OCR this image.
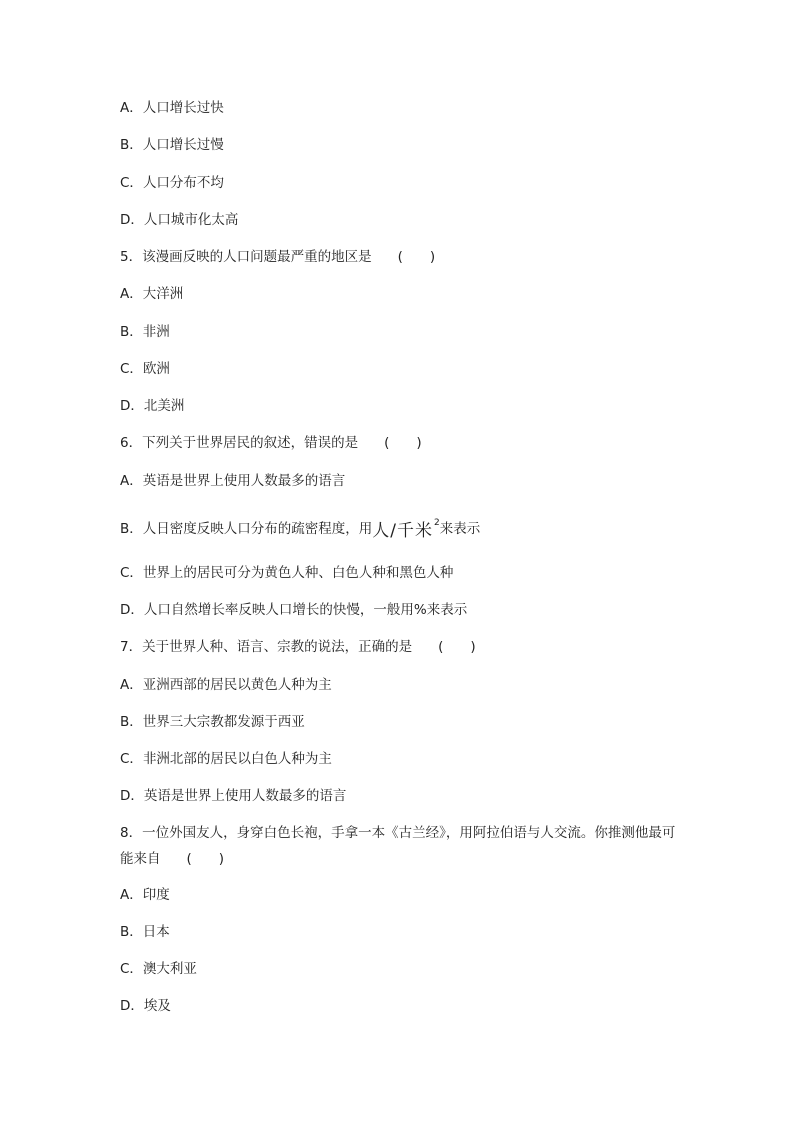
A．人口增长过快
B．人口增长过慢
C．人口分布不均
D．人口城市化太高
5．该漫画反映的人口问题最严重的地区是 (　　)
A．大洋洲
B．非洲
C．欧洲
D．北美洲
6．下列关于世界居民的叙述，错误的是 (　　)
A．英语是世界上使用人数最多的语言
B．人日密度反映人口分布的疏密程度，用人/千米$^2$来表示
C．世界上的居民可分为黄色人种、白色人种和黑色人种
D．人口自然增长率反映人口增长的快慢，一般用%来表示
7．关于世界人种、语言、宗教的说法，正确的是 (　　)
A．亚洲西部的居民以黄色人种为主
B．世界三大宗教都发源于西亚
C．非洲北部的居民以白色人种为主
D．英语是世界上使用人数最多的语言
8．一位外国友人，身穿白色长袍，手拿一本《古兰经》，用阿拉伯语与人交流。你推测他最可能来自 (　　)
A．印度
B．日本
C．澳大利亚
D．埃及
